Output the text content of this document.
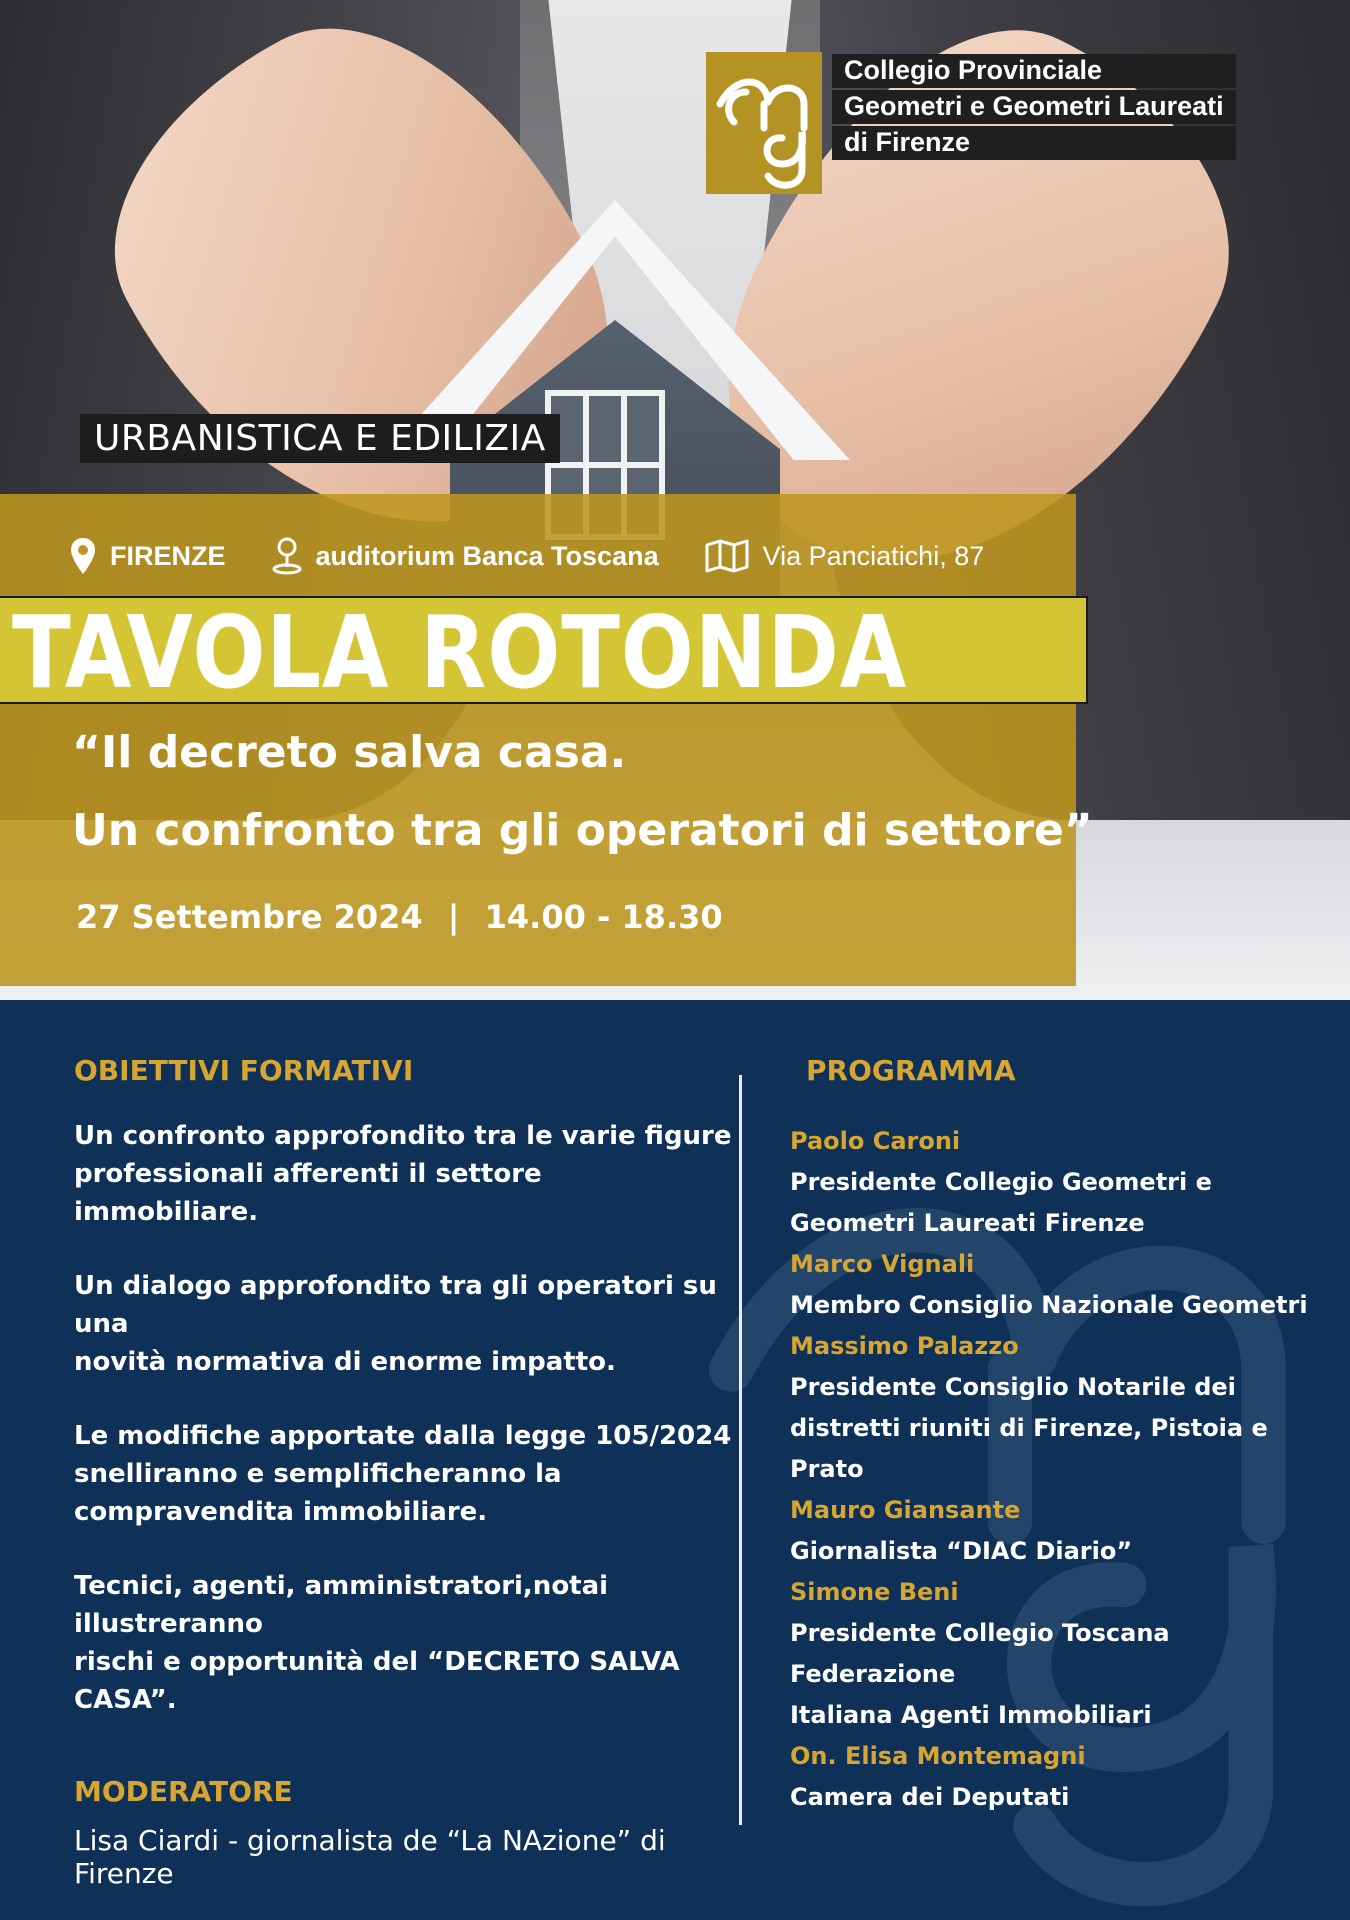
Collegio Provinciale
Geometri e Geometri Laureati
di Firenze
URBANISTICA E EDILIZIA
FIRENZE	auditorium Banca Toscana	Via Panciatichi, 87
TAVOLA ROTONDA
“Il decreto salva casa.
Un confronto tra gli operatori di settore”
27 Settembre 2024 | 14.00 - 18.30
OBIETTIVI FORMATIVI
Un confronto approfondito tra le varie figure
professionali afferenti il settore immobiliare.
Un dialogo approfondito tra gli operatori su una
novità normativa di enorme impatto.
Le modifiche apportate dalla legge 105/2024
snelliranno e semplificheranno la
compravendita immobiliare.
Tecnici, agenti, amministratori,notai illustreranno
rischi e opportunità del “DECRETO SALVA CASA”.
MODERATORE
Lisa Ciardi - giornalista de “La NAzione” di Firenze
PROGRAMMA
Paolo Caroni
Presidente Collegio Geometri e
Geometri Laureati Firenze
Marco Vignali
Membro Consiglio Nazionale Geometri
Massimo Palazzo
Presidente Consiglio Notarile dei
distretti riuniti di Firenze, Pistoia e Prato
Mauro Giansante
Giornalista “DIAC Diario”
Simone Beni
Presidente Collegio Toscana Federazione
Italiana Agenti Immobiliari
On. Elisa Montemagni
Camera dei Deputati
